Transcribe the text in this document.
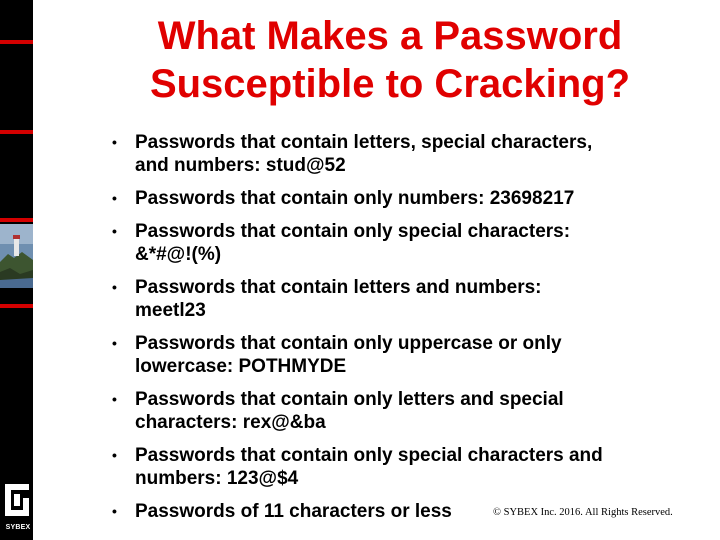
SYBEX
What Makes a Password
Susceptible to Cracking?
• Passwords that contain letters, special characters,
and numbers: stud@52
• Passwords that contain only numbers: 23698217
• Passwords that contain only special characters:
&*#@!(%)
• Passwords that contain letters and numbers:
meetl23
• Passwords that contain only uppercase or only
lowercase: POTHMYDE
• Passwords that contain only letters and special
characters: rex@&ba
• Passwords that contain only special characters and
numbers: 123@$4
• Passwords of 11 characters or less	© SYBEX Inc. 2016. All Rights Reserved.
